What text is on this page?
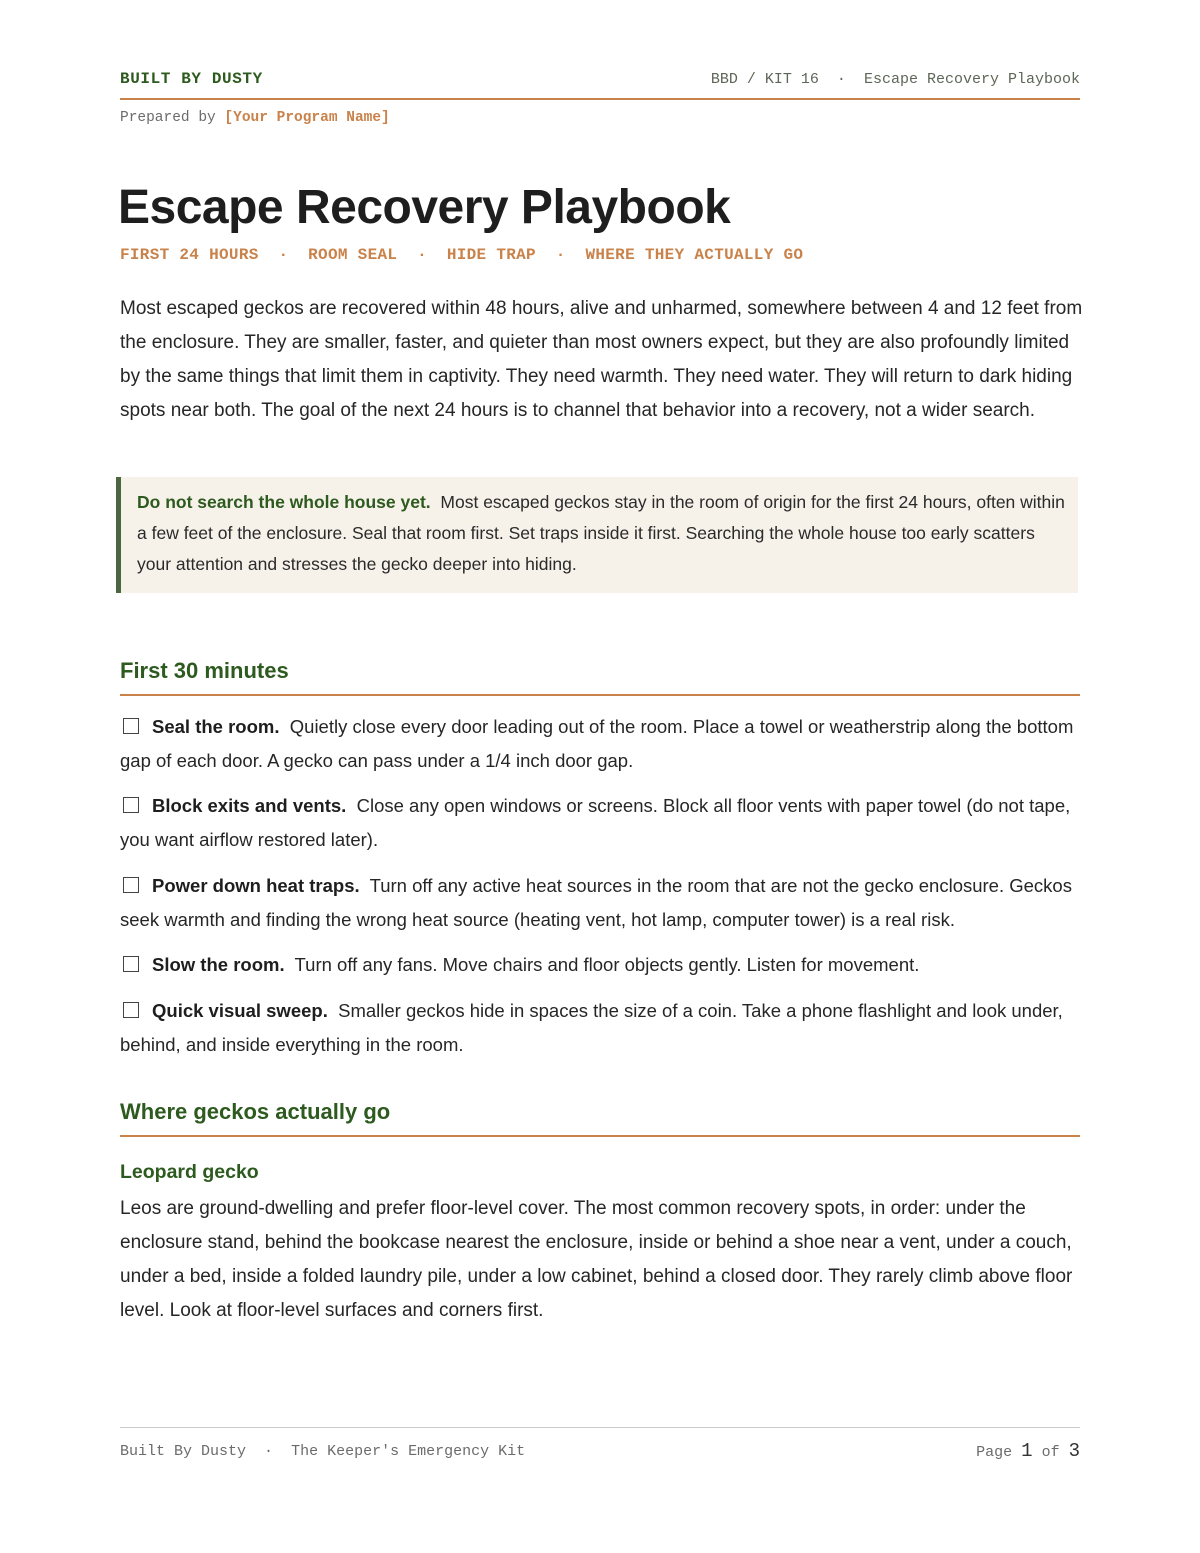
BUILT BY DUSTY	BBD / KIT 16 · Escape Recovery Playbook
Prepared by [Your Program Name]
Escape Recovery Playbook
FIRST 24 HOURS · ROOM SEAL · HIDE TRAP · WHERE THEY ACTUALLY GO

Most escaped geckos are recovered within 48 hours, alive and unharmed, somewhere between 4 and 12 feet from the enclosure. They are smaller, faster, and quieter than most owners expect, but they are also profoundly limited by the same things that limit them in captivity. They need warmth. They need water. They will return to dark hiding spots near both. The goal of the next 24 hours is to channel that behavior into a recovery, not a wider search.

Do not search the whole house yet. Most escaped geckos stay in the room of origin for the first 24 hours, often within a few feet of the enclosure. Seal that room first. Set traps inside it first. Searching the whole house too early scatters your attention and stresses the gecko deeper into hiding.

First 30 minutes
Seal the room. Quietly close every door leading out of the room. Place a towel or weatherstrip along the bottom gap of each door. A gecko can pass under a 1/4 inch door gap.
Block exits and vents. Close any open windows or screens. Block all floor vents with paper towel (do not tape, you want airflow restored later).
Power down heat traps. Turn off any active heat sources in the room that are not the gecko enclosure. Geckos seek warmth and finding the wrong heat source (heating vent, hot lamp, computer tower) is a real risk.
Slow the room. Turn off any fans. Move chairs and floor objects gently. Listen for movement.
Quick visual sweep. Smaller geckos hide in spaces the size of a coin. Take a phone flashlight and look under, behind, and inside everything in the room.
Where geckos actually go
Leopard gecko

Leos are ground-dwelling and prefer floor-level cover. The most common recovery spots, in order: under the enclosure stand, behind the bookcase nearest the enclosure, inside or behind a shoe near a vent, under a couch, under a bed, inside a folded laundry pile, under a low cabinet, behind a closed door. They rarely climb above floor level. Look at floor-level surfaces and corners first.

Built By Dusty · The Keeper's Emergency Kit	Page 1 of 3
